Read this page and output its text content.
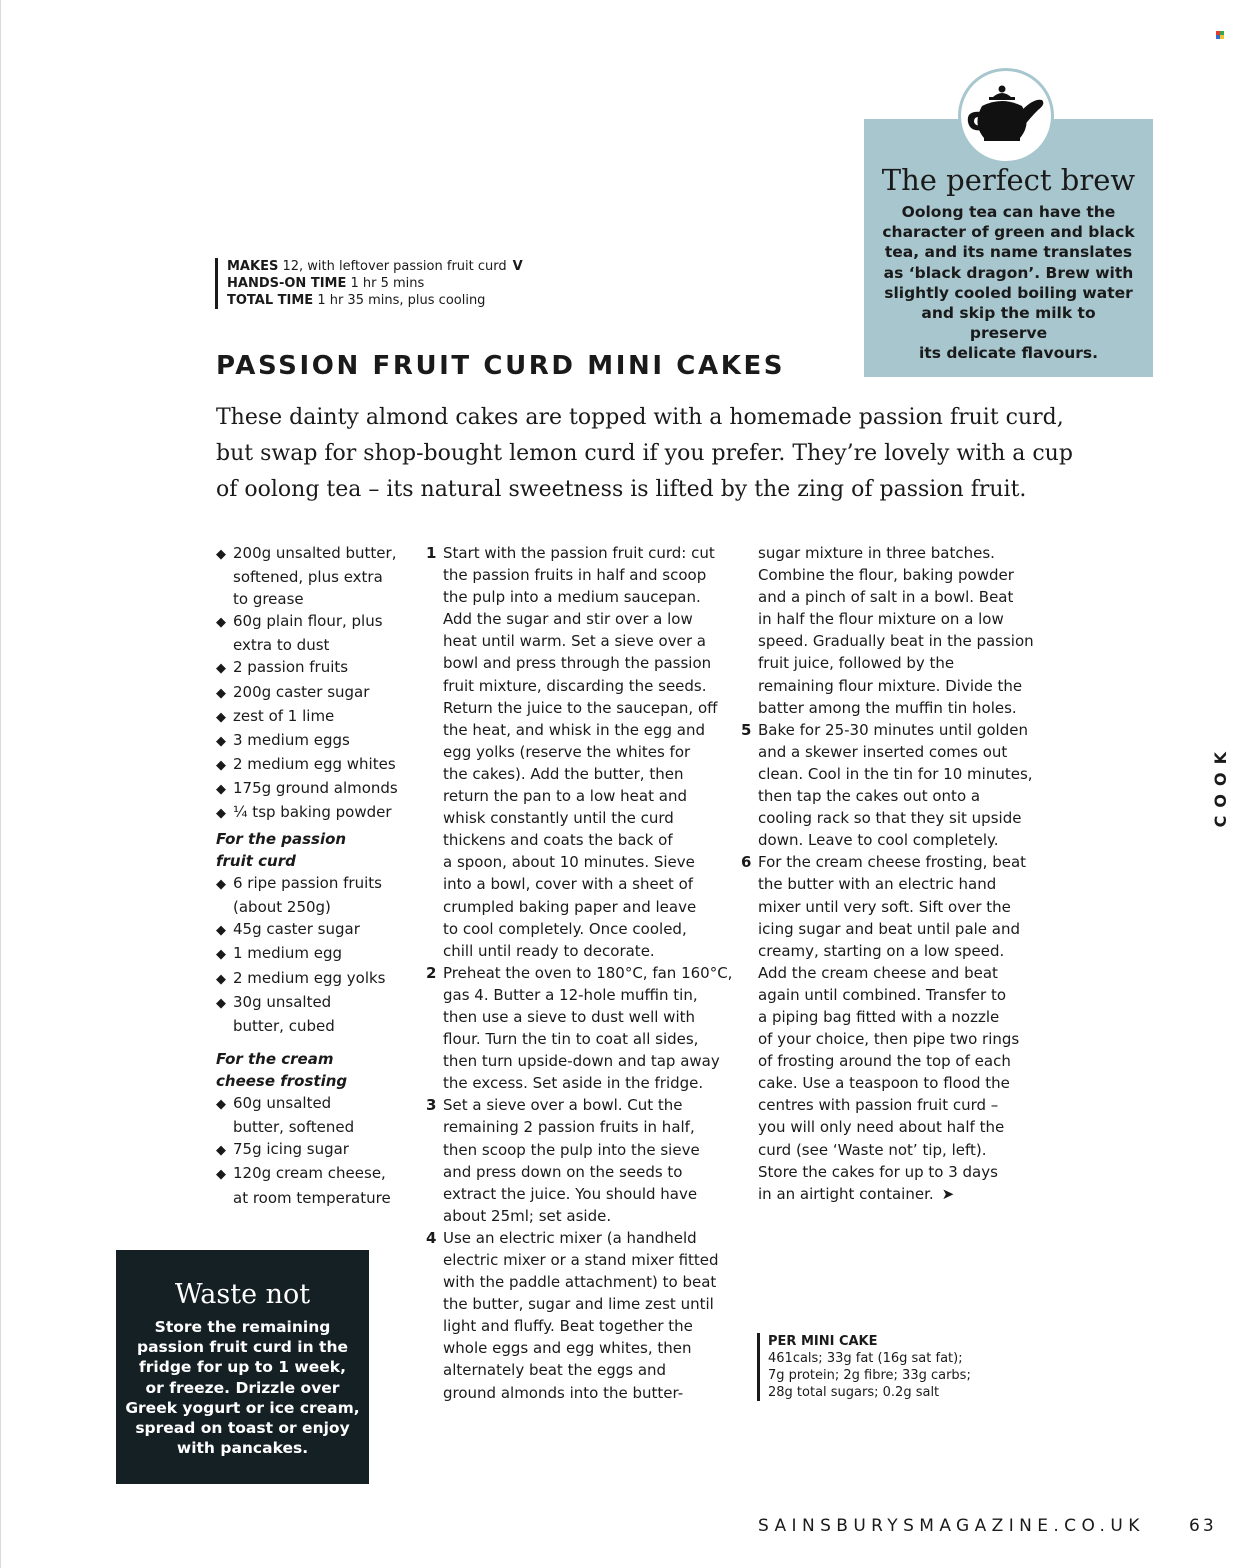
The perfect brew
Oolong tea can have the
character of green and black
tea, and its name translates
as ‘black dragon’. Brew with
slightly cooled boiling water
and skip the milk to preserve
its delicate flavours.
MAKES 12, with leftover passion fruit curd V
HANDS-ON TIME 1 hr 5 mins
TOTAL TIME 1 hr 35 mins, plus cooling
PASSION FRUIT CURD MINI CAKES
These dainty almond cakes are topped with a homemade passion fruit curd,
but swap for shop-bought lemon curd if you prefer. They’re lovely with a cup
of oolong tea – its natural sweetness is lifted by the zing of passion fruit.
◆ 200g unsalted butter,
softened, plus extra
to grease
◆ 60g plain flour, plus
extra to dust
◆ 2 passion fruits
◆ 200g caster sugar
◆ zest of 1 lime
◆ 3 medium eggs
◆ 2 medium egg whites
◆ 175g ground almonds
◆ ¼ tsp baking powder
For the passion
fruit curd
◆ 6 ripe passion fruits
(about 250g)
◆ 45g caster sugar
◆ 1 medium egg
◆ 2 medium egg yolks
◆ 30g unsalted
butter, cubed
For the cream
cheese frosting
◆ 60g unsalted
butter, softened
◆ 75g icing sugar
◆ 120g cream cheese,
at room temperature
1 Start with the passion fruit curd: cut
the passion fruits in half and scoop
the pulp into a medium saucepan.
Add the sugar and stir over a low
heat until warm. Set a sieve over a
bowl and press through the passion
fruit mixture, discarding the seeds.
Return the juice to the saucepan, off
the heat, and whisk in the egg and
egg yolks (reserve the whites for
the cakes). Add the butter, then
return the pan to a low heat and
whisk constantly until the curd
thickens and coats the back of
a spoon, about 10 minutes. Sieve
into a bowl, cover with a sheet of
crumpled baking paper and leave
to cool completely. Once cooled,
chill until ready to decorate.
2 Preheat the oven to 180°C, fan 160°C,
gas 4. Butter a 12-hole muffin tin,
then use a sieve to dust well with
flour. Turn the tin to coat all sides,
then turn upside-down and tap away
the excess. Set aside in the fridge.
3 Set a sieve over a bowl. Cut the
remaining 2 passion fruits in half,
then scoop the pulp into the sieve
and press down on the seeds to
extract the juice. You should have
about 25ml; set aside.
4 Use an electric mixer (a handheld
electric mixer or a stand mixer fitted
with the paddle attachment) to beat
the butter, sugar and lime zest until
light and fluffy. Beat together the
whole eggs and egg whites, then
alternately beat the eggs and
ground almonds into the butter-
sugar mixture in three batches.
Combine the flour, baking powder
and a pinch of salt in a bowl. Beat
in half the flour mixture on a low
speed. Gradually beat in the passion
fruit juice, followed by the
remaining flour mixture. Divide the
batter among the muffin tin holes.
5 Bake for 25-30 minutes until golden
and a skewer inserted comes out
clean. Cool in the tin for 10 minutes,
then tap the cakes out onto a
cooling rack so that they sit upside
down. Leave to cool completely.
6 For the cream cheese frosting, beat
the butter with an electric hand
mixer until very soft. Sift over the
icing sugar and beat until pale and
creamy, starting on a low speed.
Add the cream cheese and beat
again until combined. Transfer to
a piping bag fitted with a nozzle
of your choice, then pipe two rings
of frosting around the top of each
cake. Use a teaspoon to flood the
centres with passion fruit curd –
you will only need about half the
curd (see ‘Waste not’ tip, left).
Store the cakes for up to 3 days
in an airtight container. ➤
Waste not
Store the remaining
passion fruit curd in the
fridge for up to 1 week,
or freeze. Drizzle over
Greek yogurt or ice cream,
spread on toast or enjoy
with pancakes.
PER MINI CAKE
461cals; 33g fat (16g sat fat);
7g protein; 2g fibre; 33g carbs;
28g total sugars; 0.2g salt
COOK
SAINSBURYSMAGAZINE.CO.UK	63
